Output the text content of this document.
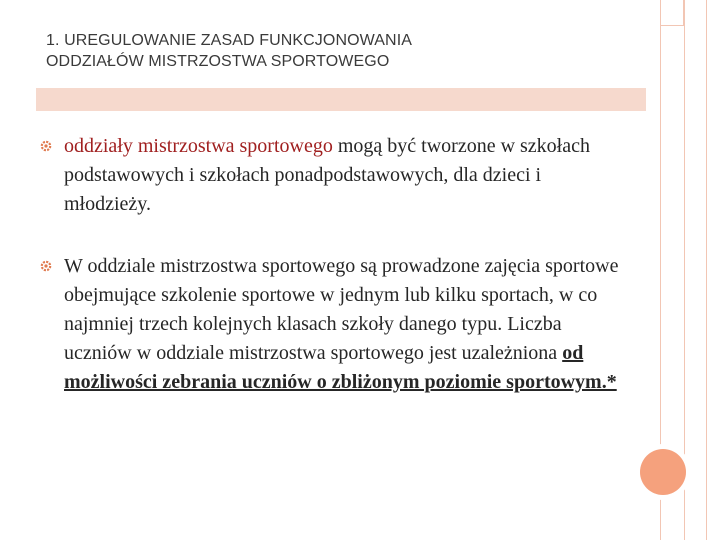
1. UREGULOWANIE ZASAD FUNKCJONOWANIA
ODDZIAŁÓW MISTRZOSTWA SPORTOWEGO
oddziały mistrzostwa sportowego mogą być tworzone w szkołach podstawowych i szkołach ponadpodstawowych, dla dzieci i młodzieży.
W oddziale mistrzostwa sportowego są prowadzone zajęcia sportowe obejmujące szkolenie sportowe w jednym lub kilku sportach, w co najmniej trzech kolejnych klasach szkoły danego typu. Liczba uczniów w oddziale mistrzostwa sportowego jest uzależniona od możliwości zebrania uczniów o zbliżonym poziomie sportowym.*
